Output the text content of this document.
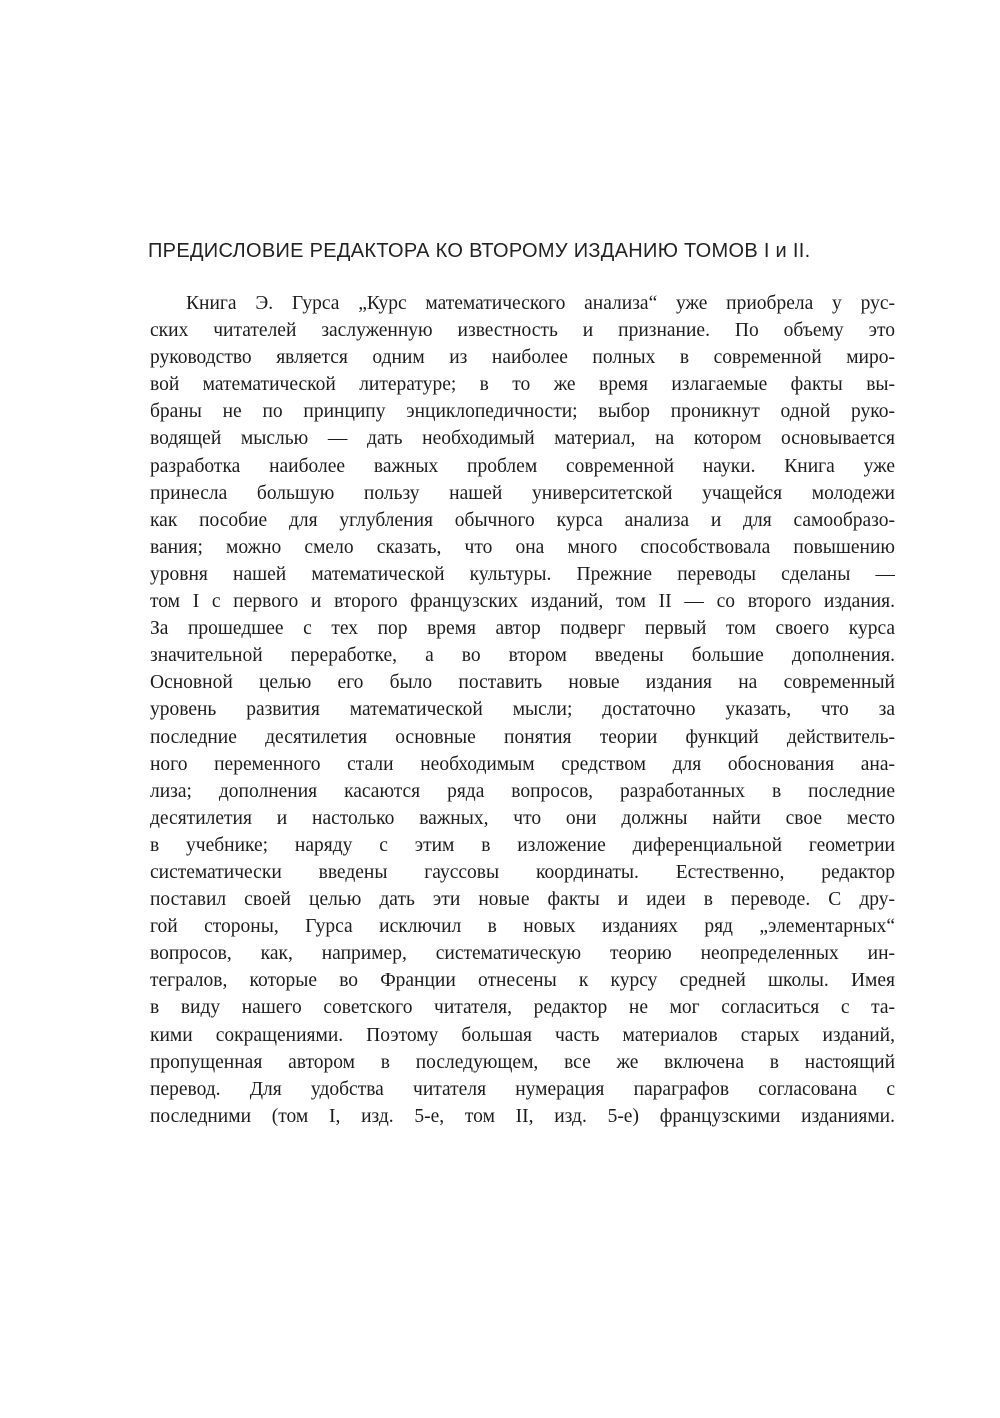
ПРЕДИСЛОВИЕ РЕДАКТОРА КО ВТОРОМУ ИЗДАНИЮ ТОМОВ I и II.
Книга Э. Гурса „Курс математического анализа“ уже приобрела у рус-
ских читателей заслуженную известность и признание. По объему это
руководство является одним из наиболее полных в современной миро-
вой математической литературе; в то же время излагаемые факты вы-
браны не по принципу энциклопедичности; выбор проникнут одной руко-
водящей мыслью — дать необходимый материал, на котором основывается
разработка наиболее важных проблем современной науки. Книга уже
принесла большую пользу нашей университетской учащейся молодежи
как пособие для углубления обычного курса анализа и для самообразо-
вания; можно смело сказать, что она много способствовала повышению
уровня нашей математической культуры. Прежние переводы сделаны —
том I с первого и второго французских изданий, том II — со второго издания.
За прошедшее с тех пор время автор подверг первый том своего курса
значительной переработке, а во втором введены большие дополнения.
Основной целью его было поставить новые издания на современный
уровень развития математической мысли; достаточно указать, что за
последние десятилетия основные понятия теории функций действитель-
ного переменного стали необходимым средством для обоснования ана-
лиза; дополнения касаются ряда вопросов, разработанных в последние
десятилетия и настолько важных, что они должны найти свое место
в учебнике; наряду с этим в изложение диференциальной геометрии
систематически введены гауссовы координаты. Естественно, редактор
поставил своей целью дать эти новые факты и идеи в переводе. С дру-
гой стороны, Гурса исключил в новых изданиях ряд „элементарных“
вопросов, как, например, систематическую теорию неопределенных ин-
тегралов, которые во Франции отнесены к курсу средней школы. Имея
в виду нашего советского читателя, редактор не мог согласиться с та-
кими сокращениями. Поэтому большая часть материалов старых изданий,
пропущенная автором в последующем, все же включена в настоящий
перевод. Для удобства читателя нумерация параграфов согласована с
последними (том I, изд. 5-е, том II, изд. 5-е) французскими изданиями.
